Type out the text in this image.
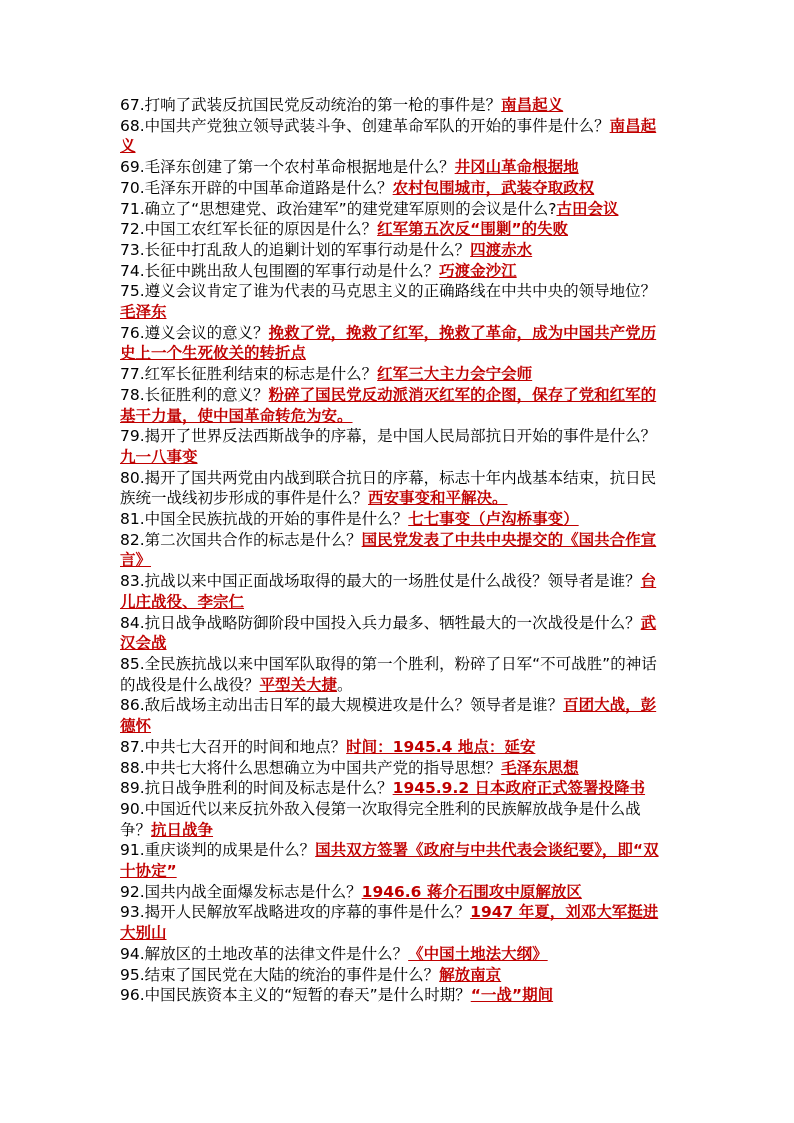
67.打响了武装反抗国民党反动统治的第一枪的事件是？南昌起义

68.中国共产党独立领导武装斗争、创建革命军队的开始的事件是什么？南昌起义

69.毛泽东创建了第一个农村革命根据地是什么？井冈山革命根据地

70.毛泽东开辟的中国革命道路是什么？农村包围城市，武装夺取政权

71.确立了“思想建党、政治建军”的建党建军原则的会议是什么?古田会议

72.中国工农红军长征的原因是什么？红军第五次反“围剿”的失败

73.长征中打乱敌人的追剿计划的军事行动是什么？四渡赤水

74.长征中跳出敌人包围圈的军事行动是什么？巧渡金沙江

75.遵义会议肯定了谁为代表的马克思主义的正确路线在中共中央的领导地位？毛泽东

76.遵义会议的意义？挽救了党，挽救了红军，挽救了革命，成为中国共产党历史上一个生死攸关的转折点

77.红军长征胜利结束的标志是什么？红军三大主力会宁会师

78.长征胜利的意义？粉碎了国民党反动派消灭红军的企图，保存了党和红军的基干力量，使中国革命转危为安。

79.揭开了世界反法西斯战争的序幕，是中国人民局部抗日开始的事件是什么？九一八事变

80.揭开了国共两党由内战到联合抗日的序幕，标志十年内战基本结束，抗日民族统一战线初步形成的事件是什么？西安事变和平解决。

81.中国全民族抗战的开始的事件是什么？七七事变（卢沟桥事变）

82.第二次国共合作的标志是什么？国民党发表了中共中央提交的《国共合作宣言》

83.抗战以来中国正面战场取得的最大的一场胜仗是什么战役？领导者是谁？台儿庄战役、李宗仁

84.抗日战争战略防御阶段中国投入兵力最多、牺牲最大的一次战役是什么？武汉会战

85.全民族抗战以来中国军队取得的第一个胜利，粉碎了日军“不可战胜”的神话的战役是什么战役？平型关大捷。

86.敌后战场主动出击日军的最大规模进攻是什么？领导者是谁？百团大战，彭德怀

87.中共七大召开的时间和地点？时间：1945.4 地点：延安

88.中共七大将什么思想确立为中国共产党的指导思想？毛泽东思想

89.抗日战争胜利的时间及标志是什么？1945.9.2 日本政府正式签署投降书

90.中国近代以来反抗外敌入侵第一次取得完全胜利的民族解放战争是什么战争？抗日战争

91.重庆谈判的成果是什么？国共双方签署《政府与中共代表会谈纪要》，即“双十协定”

92.国共内战全面爆发标志是什么？1946.6 蒋介石围攻中原解放区

93.揭开人民解放军战略进攻的序幕的事件是什么？1947 年夏，刘邓大军挺进大别山

94.解放区的土地改革的法律文件是什么？《中国土地法大纲》

95.结束了国民党在大陆的统治的事件是什么？解放南京

96.中国民族资本主义的“短暂的春天”是什么时期？“一战”期间
